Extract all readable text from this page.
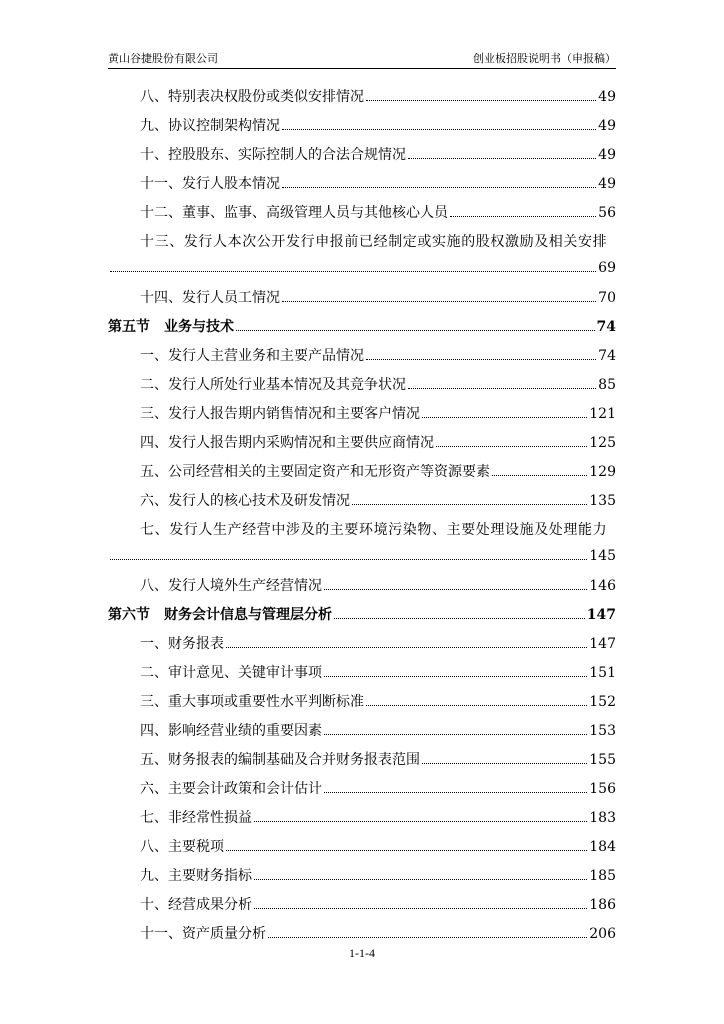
黄山谷捷股份有限公司	创业板招股说明书（申报稿）
八、特别表决权股份或类似安排情况	49
九、协议控制架构情况	49
十、控股股东、实际控制人的合法合规情况	49
十一、发行人股本情况	49
十二、董事、监事、高级管理人员与其他核心人员	56
十三、发行人本次公开发行申报前已经制定或实施的股权激励及相关安排
69
十四、发行人员工情况	70
第五节　业务与技术	74
一、发行人主营业务和主要产品情况	74
二、发行人所处行业基本情况及其竞争状况	85
三、发行人报告期内销售情况和主要客户情况	121
四、发行人报告期内采购情况和主要供应商情况	125
五、公司经营相关的主要固定资产和无形资产等资源要素	129
六、发行人的核心技术及研发情况	135
七、发行人生产经营中涉及的主要环境污染物、主要处理设施及处理能力
145
八、发行人境外生产经营情况	146
第六节　财务会计信息与管理层分析	147
一、财务报表	147
二、审计意见、关键审计事项	151
三、重大事项或重要性水平判断标准	152
四、影响经营业绩的重要因素	153
五、财务报表的编制基础及合并财务报表范围	155
六、主要会计政策和会计估计	156
七、非经常性损益	183
八、主要税项	184
九、主要财务指标	185
十、经营成果分析	186
十一、资产质量分析	206
1-1-4
